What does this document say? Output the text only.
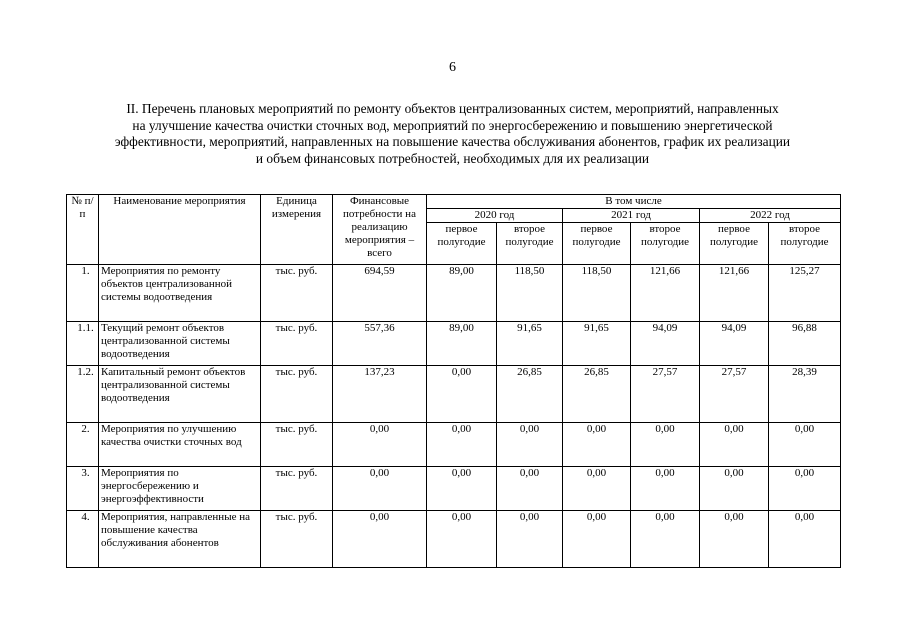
6
II. Перечень плановых мероприятий по ремонту объектов централизованных систем, мероприятий, направленных
на улучшение качества очистки сточных вод, мероприятий по энергосбережению и повышению энергетической
эффективности, мероприятий, направленных на повышение качества обслуживания абонентов, график их реализации
и объем финансовых потребностей, необходимых для их реализации
№ п/п	Наименование мероприятия	Единица измерения	Финансовые потребности на реализацию мероприятия – всего	В том числе					
				2020 год		2021 год		2022 год	
				первое полугодие	второе полугодие	первое полугодие	второе полугодие	первое полугодие	второе полугодие
1.	Мероприятия по ремонту объектов централизованной системы водоотведения	тыс. руб.	694,59	89,00	118,50	118,50	121,66	121,66	125,27
1.1.	Текущий ремонт объектов централизованной системы водоотведения	тыс. руб.	557,36	89,00	91,65	91,65	94,09	94,09	96,88
1.2.	Капитальный ремонт объектов централизованной системы водоотведения	тыс. руб.	137,23	0,00	26,85	26,85	27,57	27,57	28,39
2.	Мероприятия по улучшению качества очистки сточных вод	тыс. руб.	0,00	0,00	0,00	0,00	0,00	0,00	0,00
3.	Мероприятия по энергосбережению и энергоэффективности	тыс. руб.	0,00	0,00	0,00	0,00	0,00	0,00	0,00
4.	Мероприятия, направленные на повышение качества обслуживания абонентов	тыс. руб.	0,00	0,00	0,00	0,00	0,00	0,00	0,00
